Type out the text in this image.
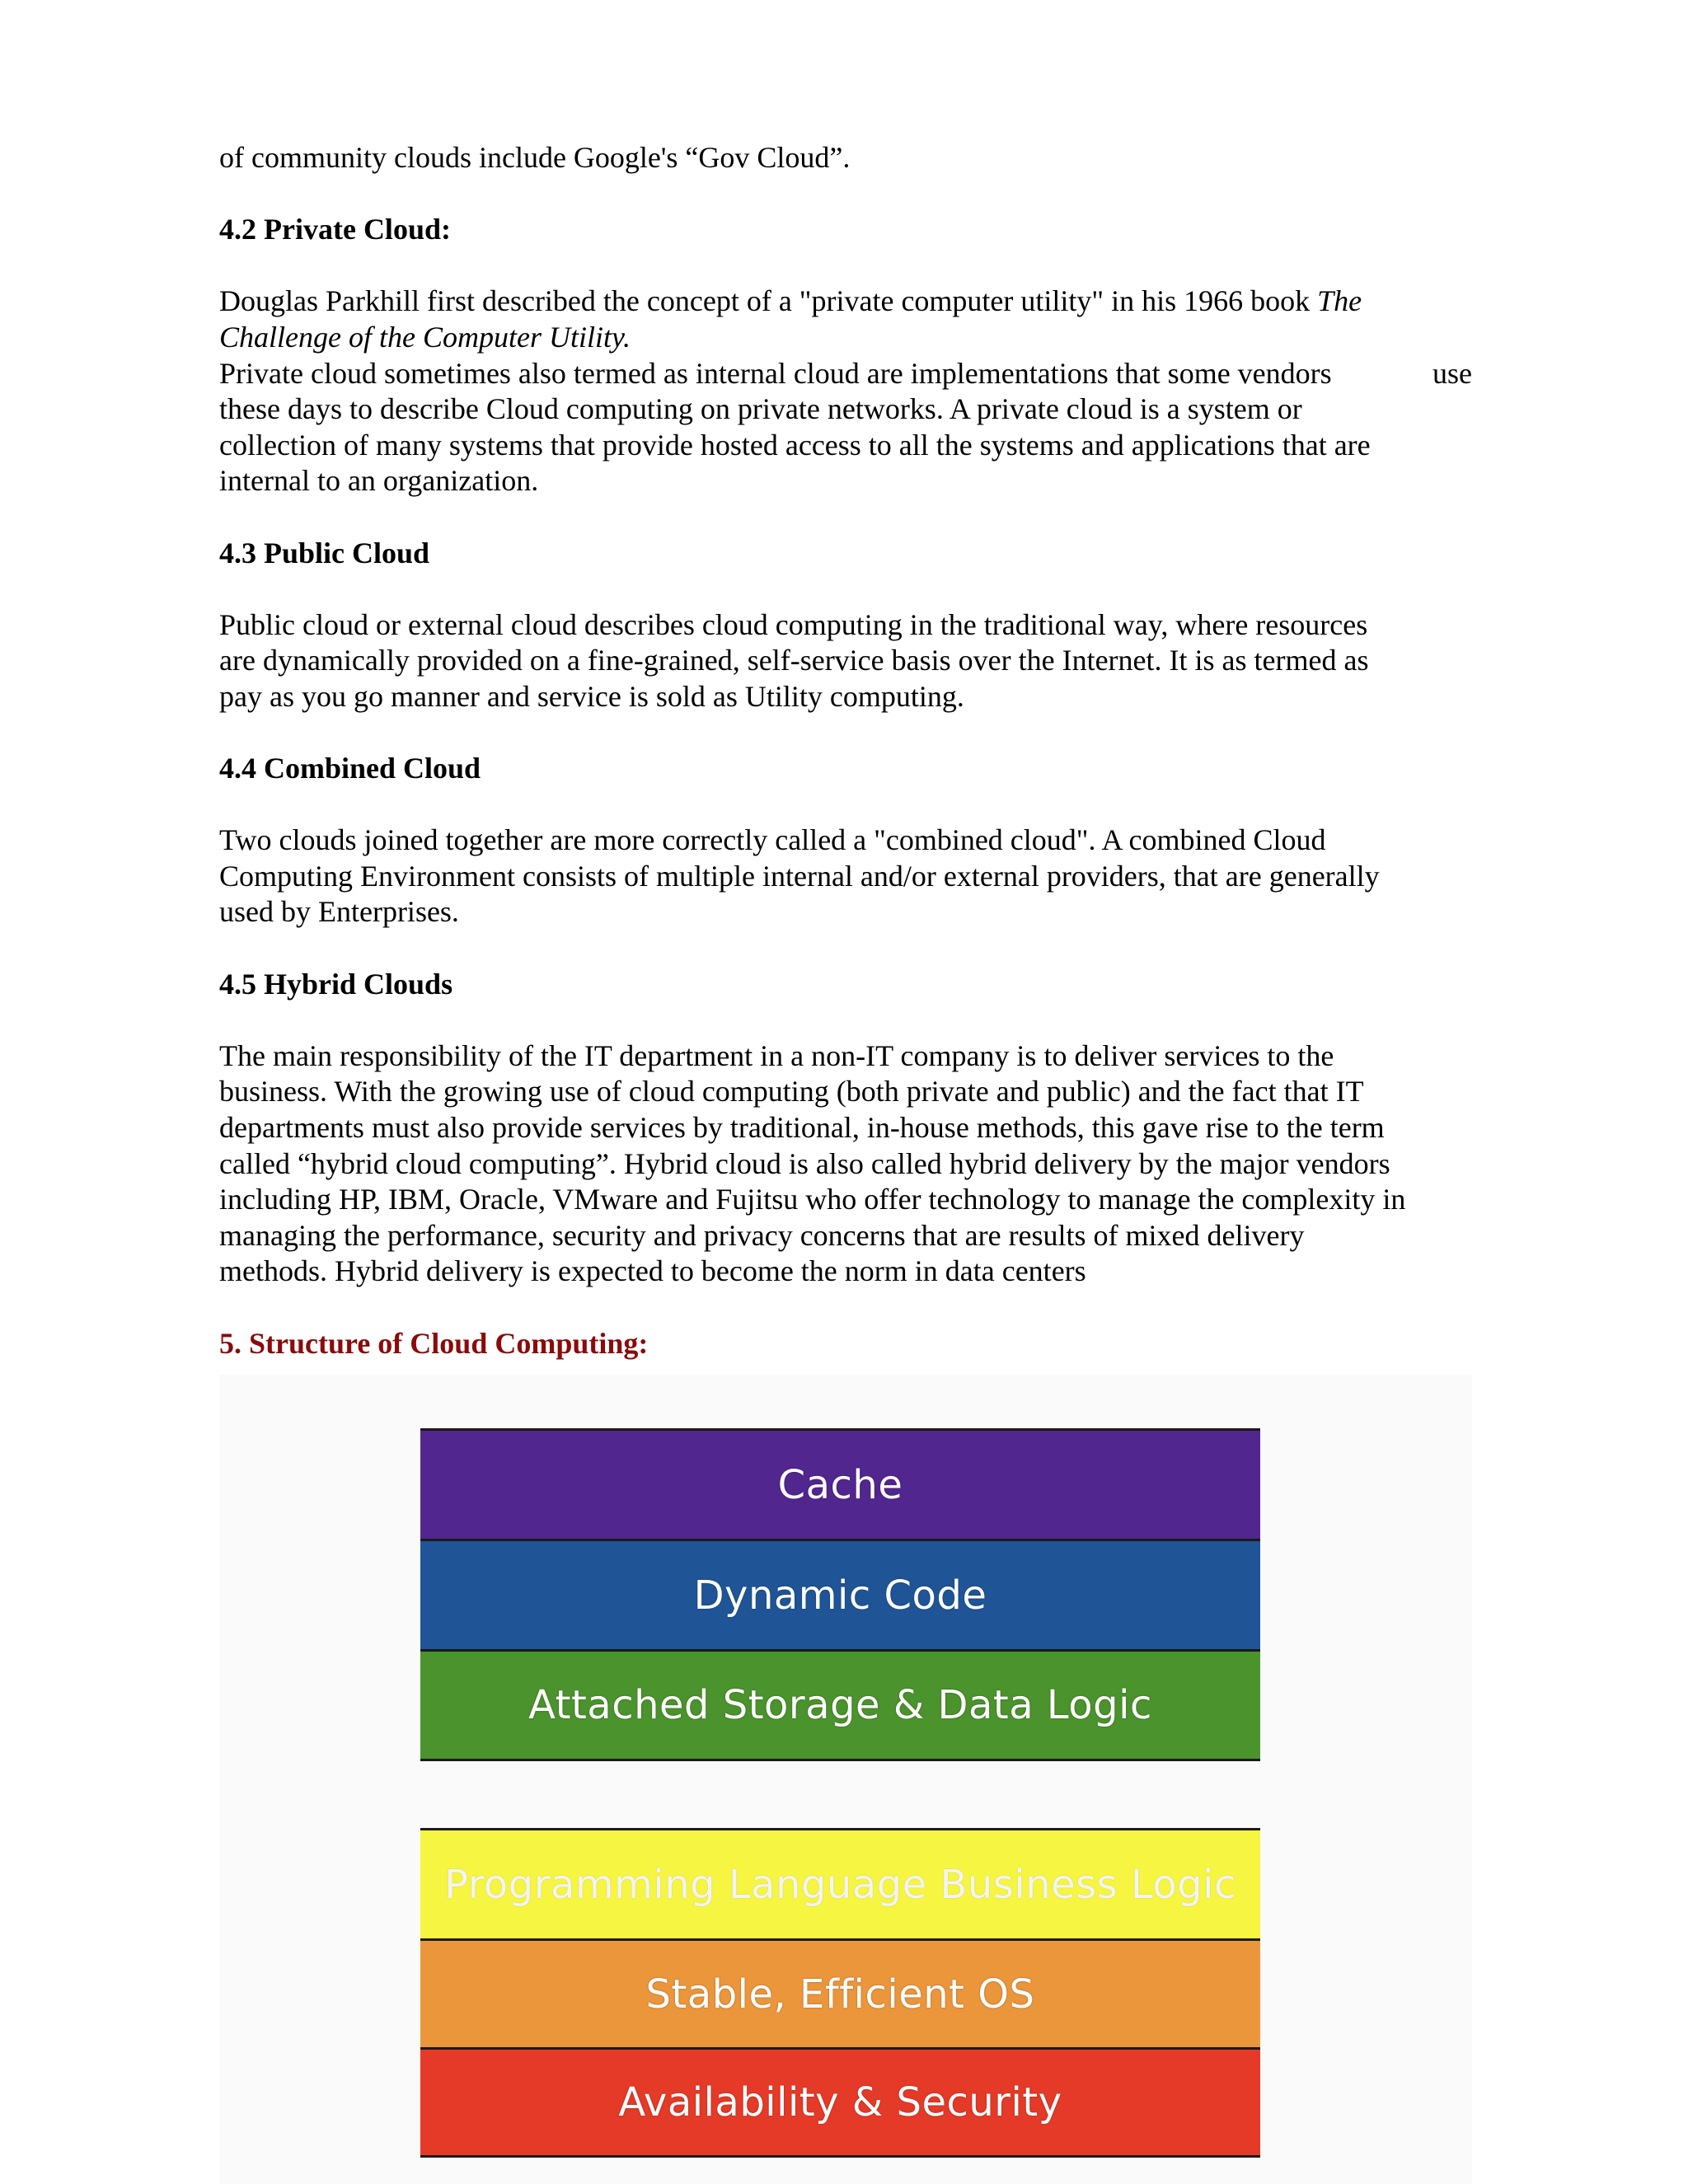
of community clouds include Google's “Gov Cloud”.

4.2 Private Cloud:

Douglas Parkhill first described the concept of a "private computer utility" in his 1966 book The

Challenge of the Computer Utility.

Private cloud sometimes also termed as internal cloud are implementations that some vendors	use

these days to describe Cloud computing on private networks. A private cloud is a system or

collection of many systems that provide hosted access to all the systems and applications that are

internal to an organization.

4.3 Public Cloud

Public cloud or external cloud describes cloud computing in the traditional way, where resources

are dynamically provided on a fine-grained, self-service basis over the Internet. It is as termed as

pay as you go manner and service is sold as Utility computing.

4.4 Combined Cloud

Two clouds joined together are more correctly called a "combined cloud". A combined Cloud

Computing Environment consists of multiple internal and/or external providers, that are generally

used by Enterprises.

4.5 Hybrid Clouds

The main responsibility of the IT department in a non-IT company is to deliver services to the

business. With the growing use of cloud computing (both private and public) and the fact that IT

departments must also provide services by traditional, in-house methods, this gave rise to the term

called “hybrid cloud computing”. Hybrid cloud is also called hybrid delivery by the major vendors

including HP, IBM, Oracle, VMware and Fujitsu who offer technology to manage the complexity in

managing the performance, security and privacy concerns that are results of mixed delivery

methods. Hybrid delivery is expected to become the norm in data centers

5. Structure of Cloud Computing:

Cache
Dynamic Code
Attached Storage & Data Logic
Programming Language Business Logic
Stable, Efficient OS
Availability & Security
